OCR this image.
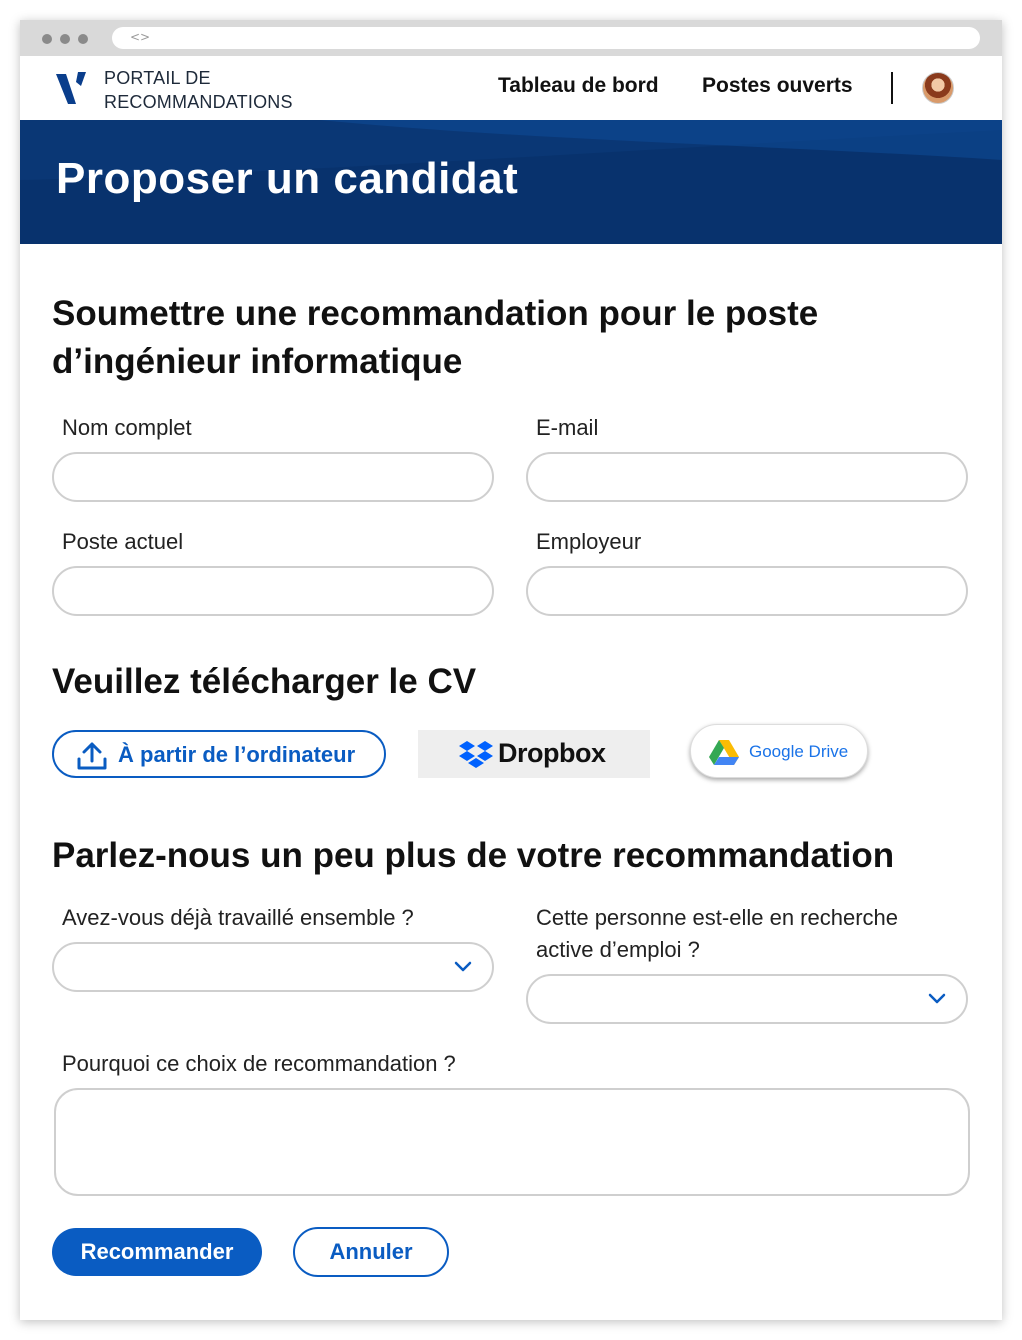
<>
PORTAIL DE
RECOMMANDATIONS
Tableau de bord Postes ouverts
Proposer un candidat
Soumettre une recommandation pour le poste
d’ingénieur informatique
Nom complet	E-mail
Poste actuel	Employeur
Veuillez télécharger le CV
À partir de l’ordinateur	Dropbox	Google Drive
Parlez-nous un peu plus de votre recommandation
Avez-vous déjà travaillé ensemble ?	Cette personne est-elle en recherche
active d’emploi ?
Pourquoi ce choix de recommandation ?
Recommander	Annuler
